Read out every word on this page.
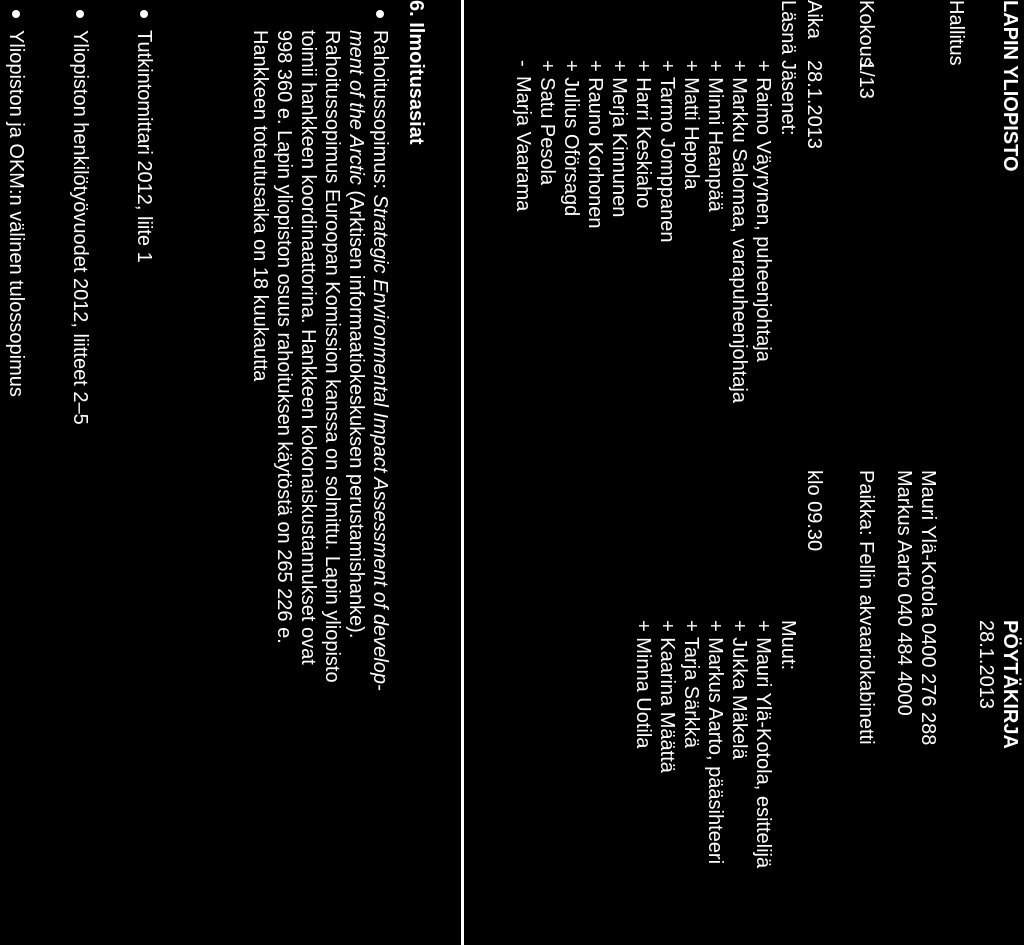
LAPIN YLIOPISTO
PÖYTÄKIRJA
28.1.2013
Hallitus
Kokous
Aika
Läsnä
1/13
28.1.2013
Mauri Ylä-Kotola 0400 276 288
Markus Aarto 040 484 4000
Paikka: Fellin akvaariokabinetti
klo 09.30
Jäsenet:
+ Raimo Väyrynen, puheenjohtaja
+ Markku Salomaa, varapuheenjohtaja
+ Minni Haanpää
+ Matti Hepola
+ Tarmo Jomppanen
+ Harri Keskiaho
+ Merja Kinnunen
+ Rauno Korhonen
+ Julius Oförsagd
+ Satu Pesola
-
Marja Vaarama
Muut:
+ Mauri Ylä-Kotola, esittelijä
+ Jukka Mäkelä
+ Markus Aarto, pääsihteeri
+ Tarja Särkkä
+ Kaarina Määttä
+ Minna Uotila
6. Ilmoitusasiat
Rahoitussopimus: Strategic Environmental Impact Assessment of develop-
ment of the Arctic (Arktisen informaatiokeskuksen perustamishanke).
Rahoitussopimus Euroopan Komission kanssa on solmittu. Lapin yliopisto
toimii hankkeen koordinaattorina. Hankkeen kokonaiskustannukset ovat
998 360 e. Lapin yliopiston osuus rahoituksen käytöstä on 265 226 e.
Hankkeen toteutusaika on 18 kuukautta
Tutkintomittari 2012, liite 1
Yliopiston henkilötyövuodet 2012, liitteet 2–5
Yliopiston ja OKM:n välinen tulossopimus
